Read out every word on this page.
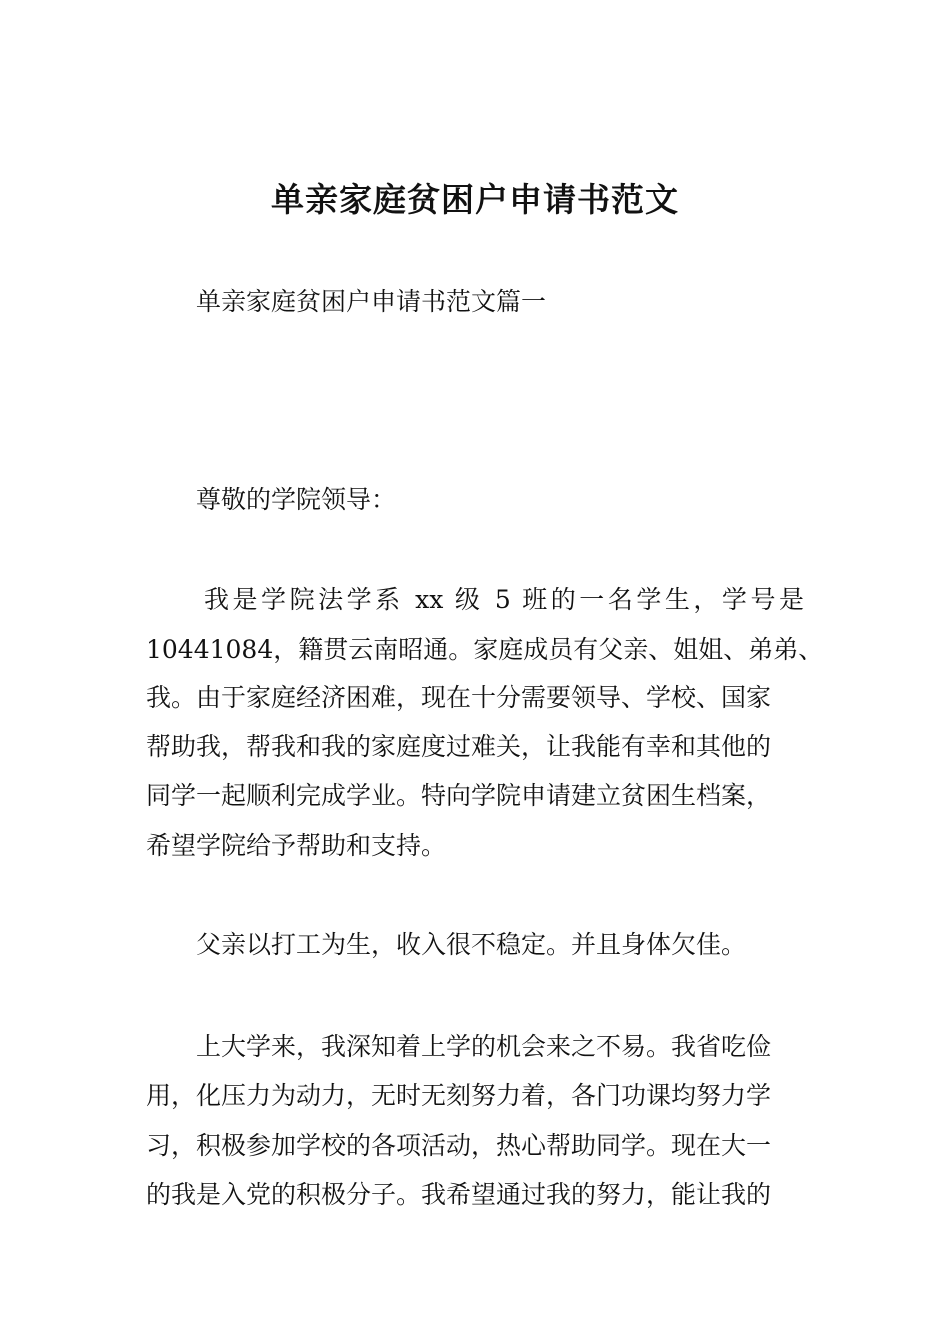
单亲家庭贫困户申请书范文
单亲家庭贫困户申请书范文篇一
尊敬的学院领导：
我是学院法学系 xx 级 5 班的一名学生，学号是
10441084，籍贯云南昭通。家庭成员有父亲、姐姐、弟弟、
我。由于家庭经济困难，现在十分需要领导、学校、国家
帮助我，帮我和我的家庭度过难关，让我能有幸和其他的
同学一起顺利完成学业。特向学院申请建立贫困生档案，
希望学院给予帮助和支持。
父亲以打工为生，收入很不稳定。并且身体欠佳。
上大学来，我深知着上学的机会来之不易。我省吃俭
用，化压力为动力，无时无刻努力着，各门功课均努力学
习，积极参加学校的各项活动，热心帮助同学。现在大一
的我是入党的积极分子。我希望通过我的努力，能让我的
